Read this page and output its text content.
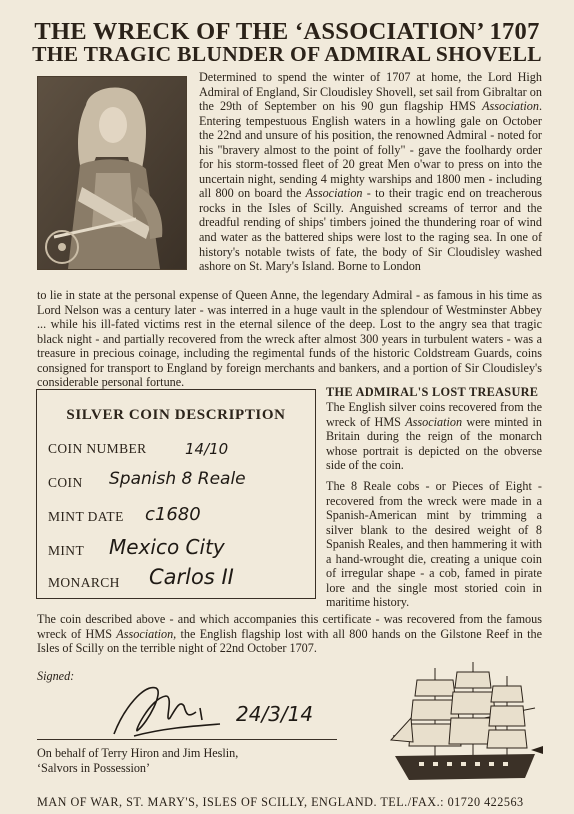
THE WRECK OF THE ‘ASSOCIATION’ 1707
THE TRAGIC BLUNDER OF ADMIRAL SHOVELL

Determined to spend the winter of 1707 at home, the Lord High Admiral of England, Sir Cloudisley Shovell, set sail from Gibraltar on the 29th of September on his 90 gun flagship HMS Association. Entering tempestuous English waters in a howling gale on October the 22nd and unsure of his position, the renowned Admiral - noted for his "bravery almost to the point of folly" - gave the foolhardy order for his storm-tossed fleet of 20 great Men o'war to press on into the uncertain night, sending 4 mighty warships and 1800 men - including all 800 on board the Association - to their tragic end on treacherous rocks in the Isles of Scilly. Anguished screams of terror and the dreadful rending of ships' timbers joined the thundering roar of wind and water as the battered ships were lost to the raging sea. In one of history's notable twists of fate, the body of Sir Cloudisley washed ashore on St. Mary's Island. Borne to London

to lie in state at the personal expense of Queen Anne, the legendary Admiral - as famous in his time as Lord Nelson was a century later - was interred in a huge vault in the splendour of Westminster Abbey ... while his ill-fated victims rest in the eternal silence of the deep. Lost to the angry sea that tragic black night - and partially recovered from the wreck after almost 300 years in turbulent waters - was a treasure in precious coinage, including the regimental funds of the historic Coldstream Guards, coins consigned for transport to England by foreign merchants and bankers, and a portion of Sir Cloudisley's considerable personal fortune.

SILVER COIN DESCRIPTION
COIN NUMBER	14/10
COIN Spanish 8 Reale
MINT DATE c1680
MINT Mexico City
MONARCH Carlos II
THE ADMIRAL'S LOST TREASURE
The English silver coins recovered from the wreck of HMS Association were minted in Britain during the reign of the monarch whose portrait is depicted on the obverse side of the coin.
The 8 Reale cobs - or Pieces of Eight - recovered from the wreck were made in a Spanish-American mint by trimming a silver blank to the desired weight of 8 Spanish Reales, and then hammering it with a hand-wrought die, creating a unique coin of irregular shape - a cob, famed in pirate lore and the single most storied coin in maritime history.
The coin described above - and which accompanies this certificate - was recovered from the famous wreck of HMS Association, the English flagship lost with all 800 hands on the Gilstone Reef in the Isles of Scilly on the terrible night of 22nd October 1707.
Signed:
24/3/14
On behalf of Terry Hiron and Jim Heslin,
‘Salvors in Possession’
MAN OF WAR, ST. MARY'S, ISLES OF SCILLY, ENGLAND. TEL./FAX.: 01720 422563
